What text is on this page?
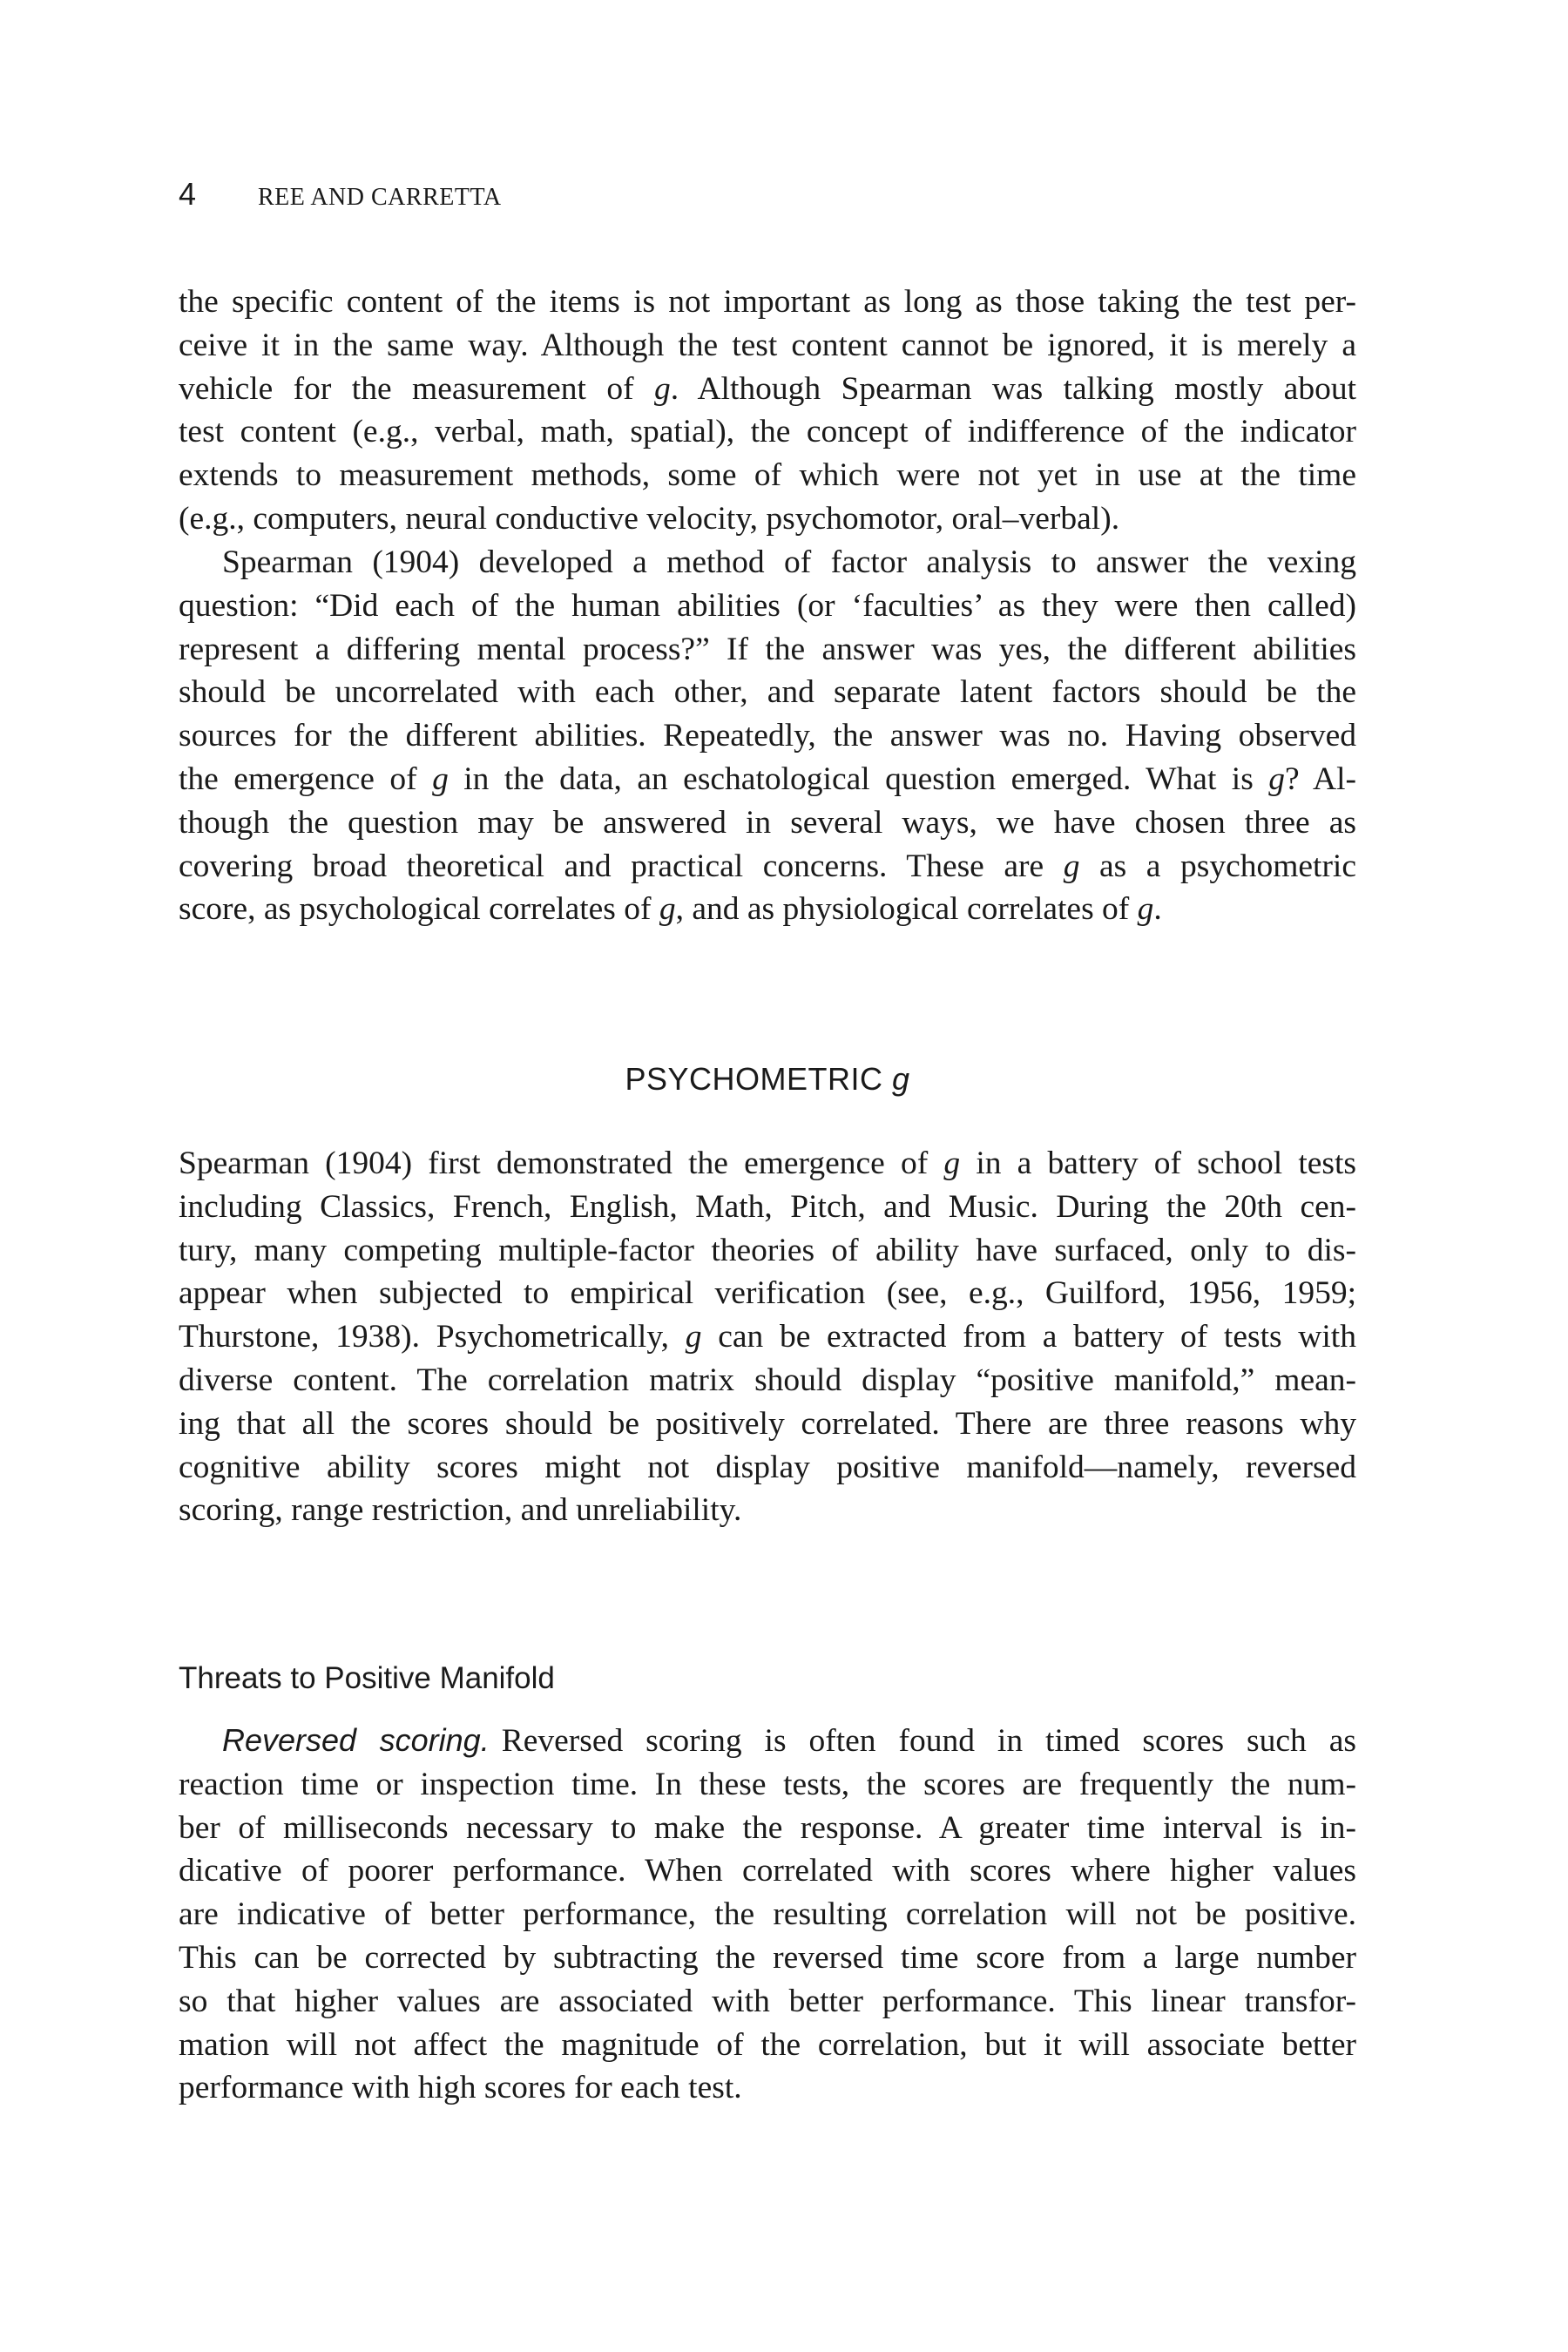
4	REE AND CARRETTA
the specific content of the items is not important as long as those taking the test per-
ceive it in the same way. Although the test content cannot be ignored, it is merely a
vehicle for the measurement of g. Although Spearman was talking mostly about
test content (e.g., verbal, math, spatial), the concept of indifference of the indicator
extends to measurement methods, some of which were not yet in use at the time
(e.g., computers, neural conductive velocity, psychomotor, oral–verbal).
Spearman (1904) developed a method of factor analysis to answer the vexing
question: “Did each of the human abilities (or ‘faculties’ as they were then called)
represent a differing mental process?” If the answer was yes, the different abilities
should be uncorrelated with each other, and separate latent factors should be the
sources for the different abilities. Repeatedly, the answer was no. Having observed
the emergence of g in the data, an eschatological question emerged. What is g? Al-
though the question may be answered in several ways, we have chosen three as
covering broad theoretical and practical concerns. These are g as a psychometric
score, as psychological correlates of g, and as physiological correlates of g.
PSYCHOMETRIC g
Spearman (1904) first demonstrated the emergence of g in a battery of school tests
including Classics, French, English, Math, Pitch, and Music. During the 20th cen-
tury, many competing multiple-factor theories of ability have surfaced, only to dis-
appear when subjected to empirical verification (see, e.g., Guilford, 1956, 1959;
Thurstone, 1938). Psychometrically, g can be extracted from a battery of tests with
diverse content. The correlation matrix should display “positive manifold,” mean-
ing that all the scores should be positively correlated. There are three reasons why
cognitive ability scores might not display positive manifold—namely, reversed
scoring, range restriction, and unreliability.
Threats to Positive Manifold
Reversed scoring. Reversed scoring is often found in timed scores such as
reaction time or inspection time. In these tests, the scores are frequently the num-
ber of milliseconds necessary to make the response. A greater time interval is in-
dicative of poorer performance. When correlated with scores where higher values
are indicative of better performance, the resulting correlation will not be positive.
This can be corrected by subtracting the reversed time score from a large number
so that higher values are associated with better performance. This linear transfor-
mation will not affect the magnitude of the correlation, but it will associate better
performance with high scores for each test.
